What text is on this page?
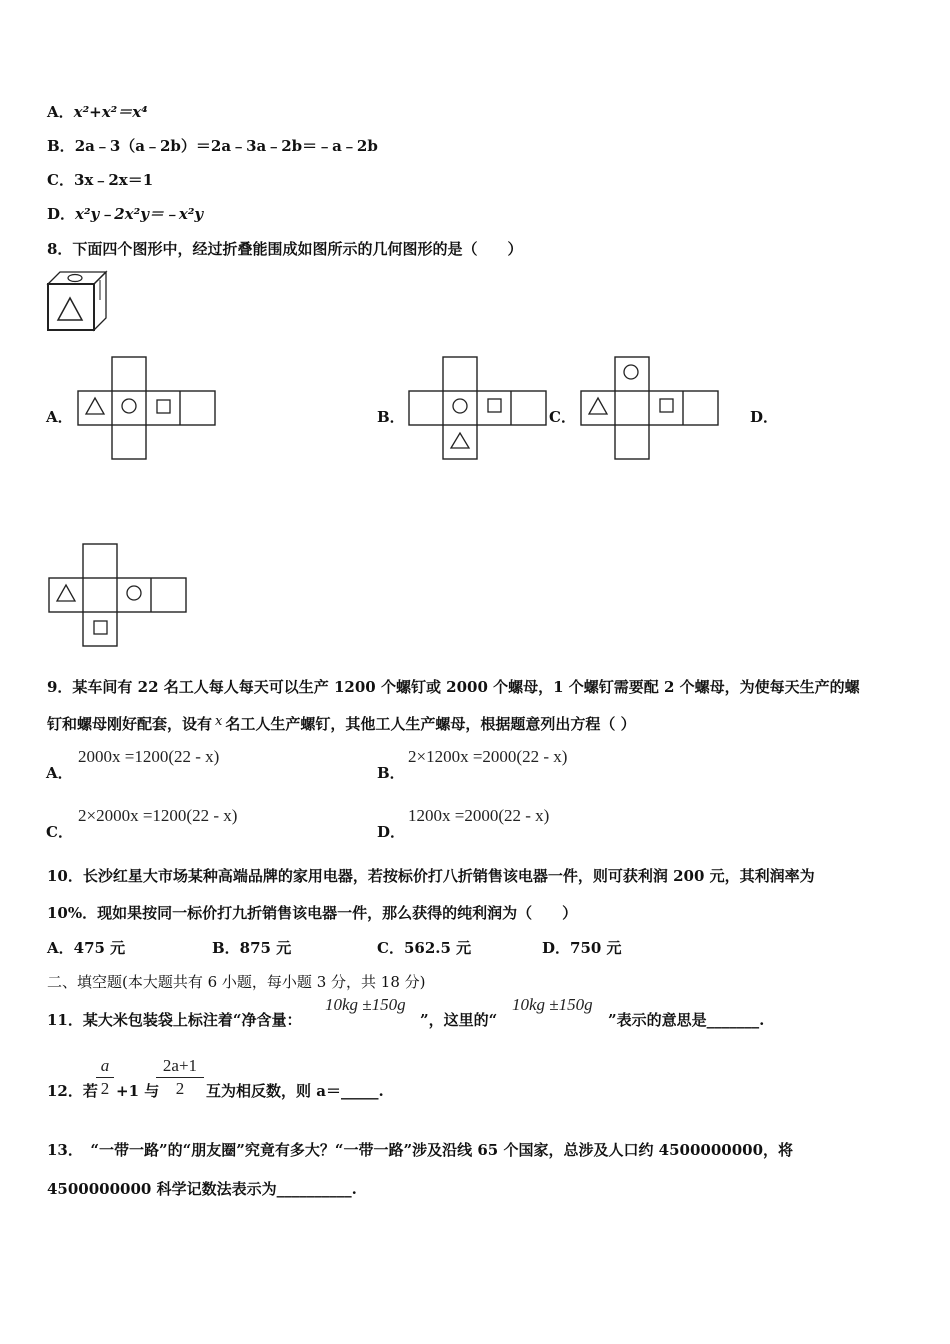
A．x²+x²＝x⁴
B．2a﹣3（a﹣2b）＝2a﹣3a﹣2b＝﹣a﹣2b
C．3x﹣2x＝1
D．x²y﹣2x²y＝﹣x²y
8．下面四个图形中，经过折叠能围成如图所示的几何图形的是（　　）
A．	B．	C．	D．
9．某车间有 22 名工人每人每天可以生产 1200 个螺钉或 2000 个螺母，1 个螺钉需要配 2 个螺母，为使每天生产的螺
钉和螺母刚好配套，设有 x 名工人生产螺钉，其他工人生产螺母，根据题意列出方程（ ）
A．
2000x =1200(22 - x)
B．
2×1200x =2000(22 - x)
C．
2×2000x =1200(22 - x)
D．
1200x =2000(22 - x)
10．长沙红星大市场某种高端品牌的家用电器，若按标价打八折销售该电器一件，则可获利润 200 元，其利润率为
10%．现如果按同一标价打九折销售该电器一件，那么获得的纯利润为（　　）
A．475 元	B．875 元	C．562.5 元	D．750 元
二、填空题(本大题共有 6 小题，每小题 3 分，共 18 分)
11．某大米包装袋上标注着“净含量：
10kg ±150g
”，这里的“
10kg ±150g
”表示的意思是_______.
12．若
a
2 +1 与
2a+1
2	互为相反数，则 a＝_____.
13．　“一带一路”的“朋友圈”究竟有多大？“一带一路”涉及沿线 65 个国家，总涉及人口约 4500000000，将
4500000000 科学记数法表示为__________.
